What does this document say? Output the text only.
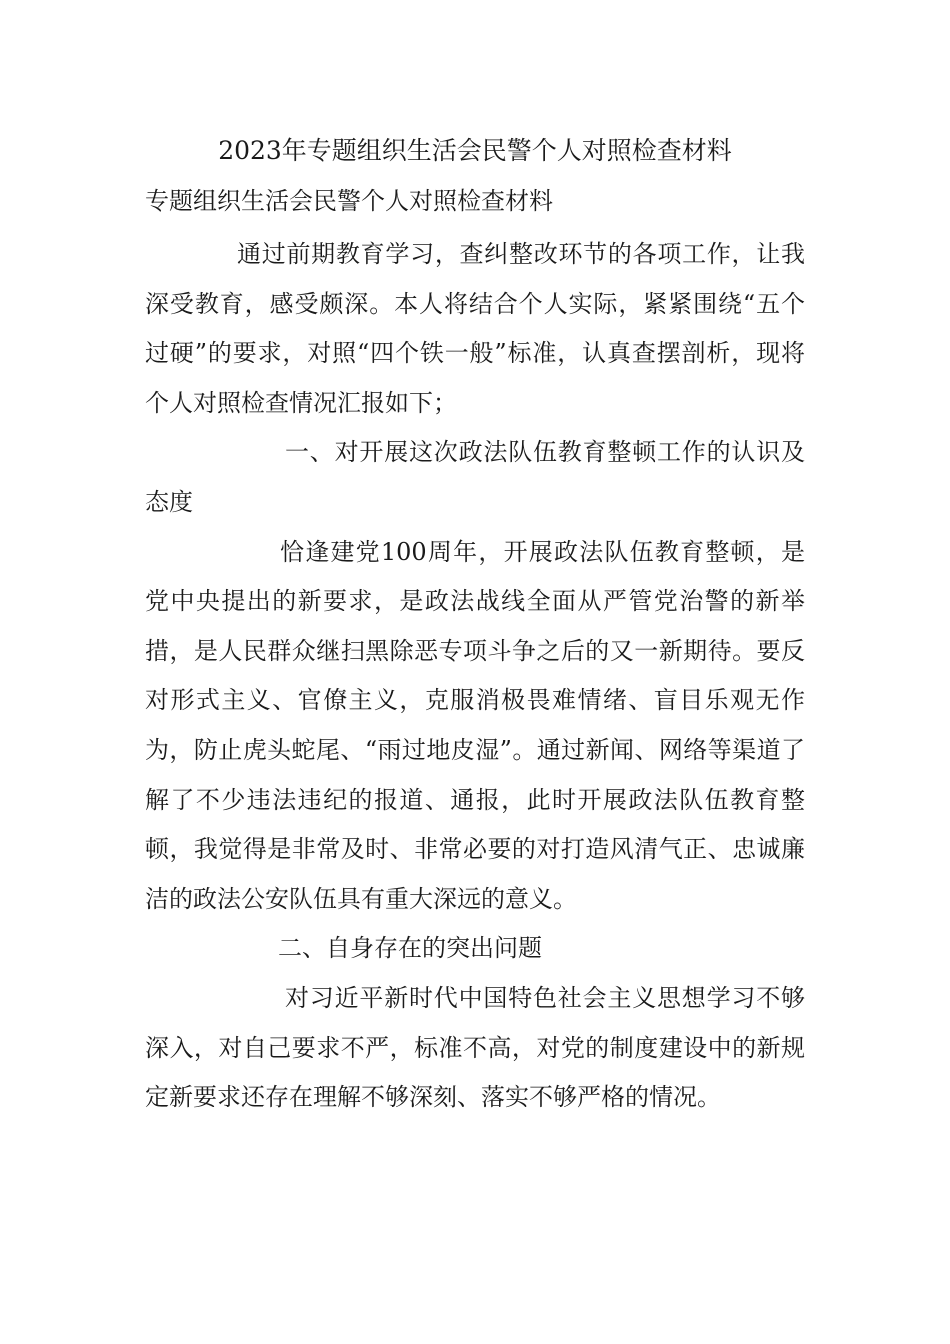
2023年专题组织生活会民警个人对照检查材料
专题组织生活会民警个人对照检查材料

通过前期教育学习，查纠整改环节的各项工作，让我深受教育，感受颇深。本人将结合个人实际，紧紧围绕“五个过硬”的要求，对照“四个铁一般”标准，认真查摆剖析，现将个人对照检查情况汇报如下；

一、对开展这次政法队伍教育整顿工作的认识及态度

恰逢建党100周年，开展政法队伍教育整顿，是党中央提出的新要求，是政法战线全面从严管党治警的新举措，是人民群众继扫黑除恶专项斗争之后的又一新期待。要反对形式主义、官僚主义，克服消极畏难情绪、盲目乐观无作为，防止虎头蛇尾、“雨过地皮湿”。通过新闻、网络等渠道了解了不少违法违纪的报道、通报，此时开展政法队伍教育整顿，我觉得是非常及时、非常必要的对打造风清气正、忠诚廉洁的政法公安队伍具有重大深远的意义。

二、自身存在的突出问题

对习近平新时代中国特色社会主义思想学习不够深入，对自己要求不严，标准不高，对党的制度建设中的新规定新要求还存在理解不够深刻、落实不够严格的情况。
